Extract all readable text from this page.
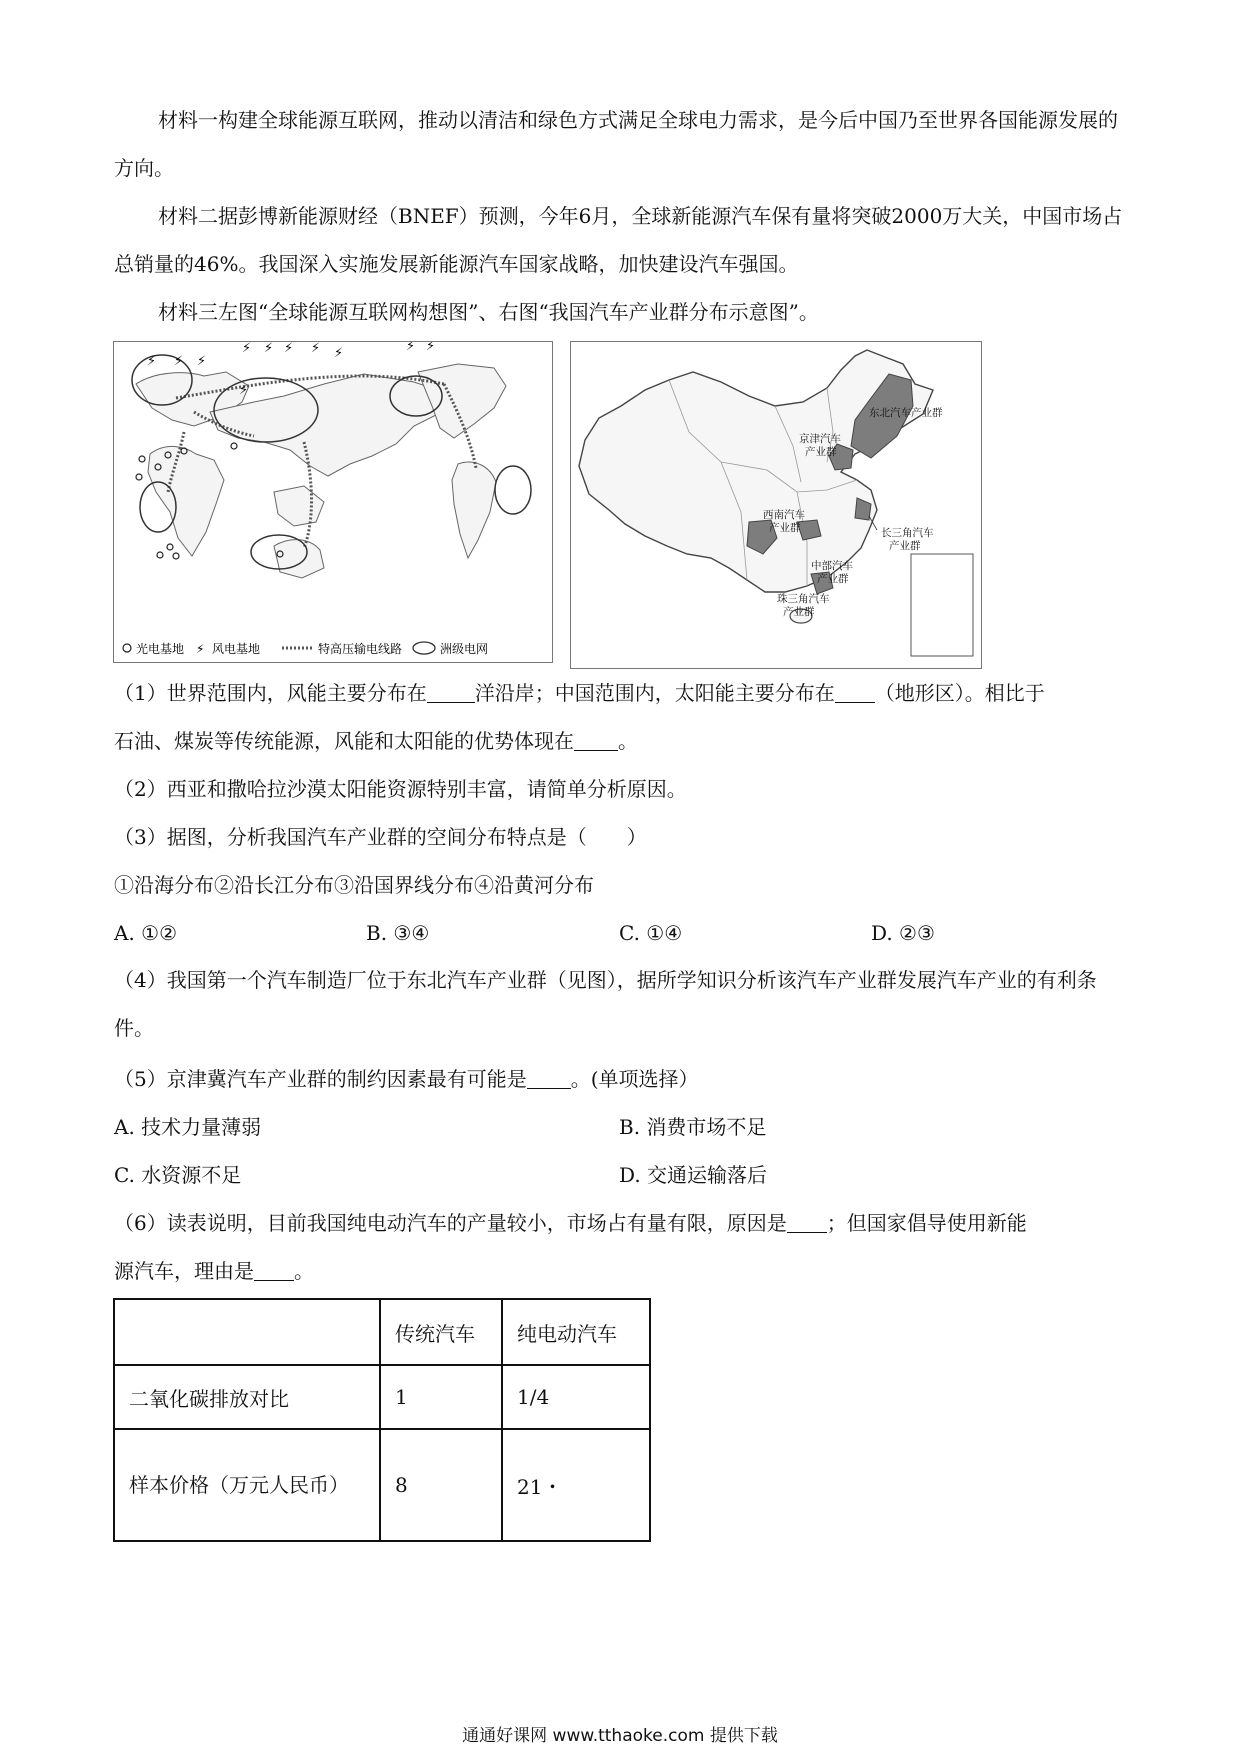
材料一构建全球能源互联网，推动以清洁和绿色方式满足全球电力需求，是今后中国乃至世界各国能源发展的方向。

材料二据彭博新能源财经（BNEF）预测，今年6月，全球新能源汽车保有量将突破2000万大关，中国市场占总销量的46%。我国深入实施发展新能源汽车国家战略，加快建设汽车强国。

材料三左图“全球能源互联网构想图”、右图“我国汽车产业群分布示意图”。

⚡ ⚡ ⚡
⚡ ⚡ ⚡ ⚡ ⚡	⚡ ⚡
⚡
光电基地 ⚡ 风电基地	特高压输电线路	洲级电网
东北汽车产业群
京津汽车
产业群
西南汽车
产业群	长三角汽车
产业群
中部汽车
产业群
珠三角汽车
产业群
（1）世界范围内，风能主要分布在 洋沿岸；中国范围内，太阳能主要分布在 （地形区）。相比于
石油、煤炭等传统能源，风能和太阳能的优势体现在 。
（2）西亚和撒哈拉沙漠太阳能资源特别丰富，请简单分析原因。
（3）据图，分析我国汽车产业群的空间分布特点是（　　）
①沿海分布②沿长江分布③沿国界线分布④沿黄河分布
A. ①②	B. ③④	C. ①④	D. ②③

（4）我国第一个汽车制造厂位于东北汽车产业群（见图），据所学知识分析该汽车产业群发展汽车产业的有利条件。

（5）京津冀汽车产业群的制约因素最有可能是 。(单项选择）
A. 技术力量薄弱	B. 消费市场不足
C. 水资源不足	D. 交通运输落后
（6）读表说明，目前我国纯电动汽车的产量较小，市场占有量有限，原因是 ；但国家倡导使用新能
源汽车，理由是 。
	传统汽车	纯电动汽车
二氧化碳排放对比	1	1/4
样本价格（万元人民币）	8	21・
通通好课网 www.tthaoke.com 提供下载
